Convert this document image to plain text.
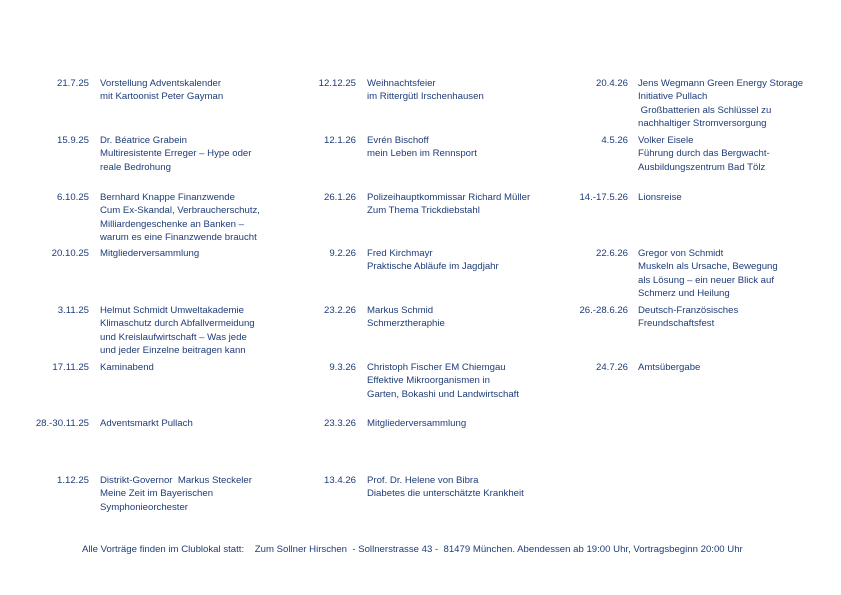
21.7.25 Vorstellung Adventskalender
mit Kartoonist Peter Gayman
15.9.25 Dr. Béatrice Grabein
Multiresistente Erreger – Hype oder
reale Bedrohung
6.10.25 Bernhard Knappe Finanzwende
Cum Ex-Skandal, Verbraucherschutz,
Milliardengeschenke an Banken –
warum es eine Finanzwende braucht
20.10.25 Mitgliederversammlung
3.11.25 Helmut Schmidt Umweltakademie
Klimaschutz durch Abfallvermeidung
und Kreislaufwirtschaft – Was jede
und jeder Einzelne beitragen kann
17.11.25 Kaminabend
28.-30.11.25 Adventsmarkt Pullach
1.12.25 Distrikt-Governor  Markus Steckeler
Meine Zeit im Bayerischen
Symphonieorchester
12.12.25 Weihnachtsfeier
im Rittergütl Irschenhausen
12.1.26 Evrén Bischoff
mein Leben im Rennsport
26.1.26 Polizeihauptkommissar Richard Müller
Zum Thema Trickdiebstahl
9.2.26 Fred Kirchmayr
Praktische Abläufe im Jagdjahr
23.2.26 Markus Schmid
Schmerztheraphie
9.3.26 Christoph Fischer EM Chiemgau
Effektive Mikroorganismen in
Garten, Bokashi und Landwirtschaft
23.3.26 Mitgliederversammlung
13.4.26 Prof. Dr. Helene von Bibra
Diabetes die unterschätzte Krankheit
20.4.26 Jens Wegmann Green Energy Storage
Initiative Pullach
Großbatterien als Schlüssel zu
nachhaltiger Stromversorgung
4.5.26 Volker Eisele
Führung durch das Bergwacht-
Ausbildungszentrum Bad Tölz
14.-17.5.26 Lionsreise
22.6.26 Gregor von Schmidt
Muskeln als Ursache, Bewegung
als Lösung – ein neuer Blick auf
Schmerz und Heilung
26.-28.6.26 Deutsch-Französisches
Freundschaftsfest
24.7.26 Amtsübergabe
Alle Vorträge finden im Clublokal statt:    Zum Sollner Hirschen  - Sollnerstrasse 43 -  81479 München. Abendessen ab 19:00 Uhr, Vortragsbeginn 20:00 Uhr
